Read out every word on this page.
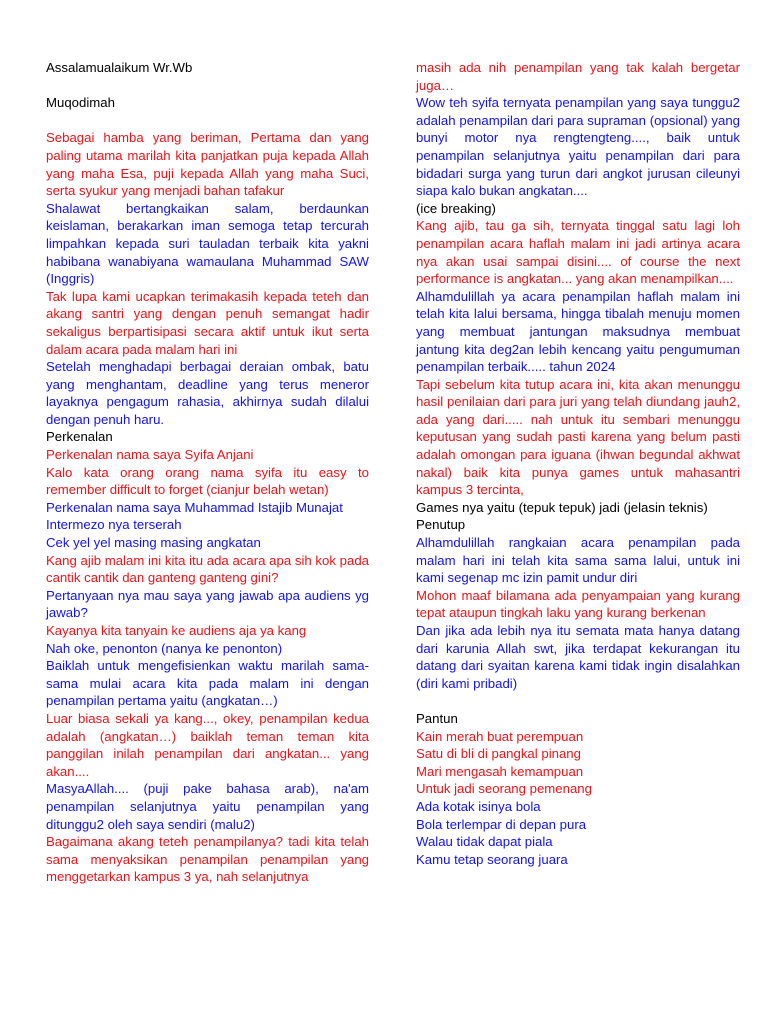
Assalamualaikum Wr.Wb

Muqodimah

Sebagai hamba yang beriman, Pertama dan yang paling utama marilah kita panjatkan puja kepada Allah yang maha Esa, puji kepada Allah yang maha Suci, serta syukur yang menjadi bahan tafakur

Shalawat bertangkaikan salam, berdaunkan keislaman, berakarkan iman semoga tetap tercurah limpahkan kepada suri tauladan terbaik kita yakni habibana wanabiyana wamaulana Muhammad SAW (Inggris)

Tak lupa kami ucapkan terimakasih kepada teteh dan akang santri yang dengan penuh semangat hadir sekaligus berpartisipasi secara aktif untuk ikut serta dalam acara pada malam hari ini

Setelah menghadapi berbagai deraian ombak, batu yang menghantam, deadline yang terus meneror layaknya pengagum rahasia, akhirnya sudah dilalui dengan penuh haru.

Perkenalan

Perkenalan nama saya Syifa Anjani

Kalo kata orang orang nama syifa itu easy to remember difficult to forget (cianjur belah wetan)

Perkenalan nama saya Muhammad Istajib Munajat

Intermezo nya terserah

Cek yel yel masing masing angkatan

Kang ajib malam ini kita itu ada acara apa sih kok pada cantik cantik dan ganteng ganteng gini?

Pertanyaan nya mau saya yang jawab apa audiens yg jawab?

Kayanya kita tanyain ke audiens aja ya kang

Nah oke, penonton (nanya ke penonton)

Baiklah untuk mengefisienkan waktu marilah sama-sama mulai acara kita pada malam ini dengan penampilan pertama yaitu (angkatan…)

Luar biasa sekali ya kang..., okey, penampilan kedua adalah (angkatan…) baiklah teman teman kita panggilan inilah penampilan dari angkatan... yang akan....

MasyaAllah.... (puji pake bahasa arab), na'am penampilan selanjutnya yaitu penampilan yang ditunggu2 oleh saya sendiri (malu2)

Bagaimana akang teteh penampilanya? tadi kita telah sama menyaksikan penampilan penampilan yang menggetarkan kampus 3 ya, nah selanjutnya

masih ada nih penampilan yang tak kalah bergetar juga…

Wow teh syifa ternyata penampilan yang saya tunggu2 adalah penampilan dari para supraman (opsional) yang bunyi motor nya rengtengteng...., baik untuk penampilan selanjutnya yaitu penampilan dari para bidadari surga yang turun dari angkot jurusan cileunyi siapa kalo bukan angkatan....

(ice breaking)

Kang ajib, tau ga sih, ternyata tinggal satu lagi loh penampilan acara haflah malam ini jadi artinya acara nya akan usai sampai disini.... of course the next performance is angkatan... yang akan menampilkan....

Alhamdulillah ya acara penampilan haflah malam ini telah kita lalui bersama, hingga tibalah menuju momen yang membuat jantungan maksudnya membuat jantung kita deg2an lebih kencang yaitu pengumuman penampilan terbaik..... tahun 2024

Tapi sebelum kita tutup acara ini, kita akan menunggu hasil penilaian dari para juri yang telah diundang jauh2, ada yang dari..... nah untuk itu sembari menunggu keputusan yang sudah pasti karena yang belum pasti adalah omongan para iguana (ihwan begundal akhwat nakal) baik kita punya games untuk mahasantri kampus 3 tercinta,

Games nya yaitu (tepuk tepuk) jadi (jelasin teknis)

Penutup

Alhamdulillah rangkaian acara penampilan pada malam hari ini telah kita sama sama lalui, untuk ini kami segenap mc izin pamit undur diri

Mohon maaf bilamana ada penyampaian yang kurang tepat ataupun tingkah laku yang kurang berkenan

Dan jika ada lebih nya itu semata mata hanya datang dari karunia Allah swt, jika terdapat kekurangan itu datang dari syaitan karena kami tidak ingin disalahkan (diri kami pribadi)

Pantun

Kain merah buat perempuan

Satu di bli di pangkal pinang

Mari mengasah kemampuan

Untuk jadi seorang pemenang

Ada kotak isinya bola

Bola terlempar di depan pura

Walau tidak dapat piala

Kamu tetap seorang juara
